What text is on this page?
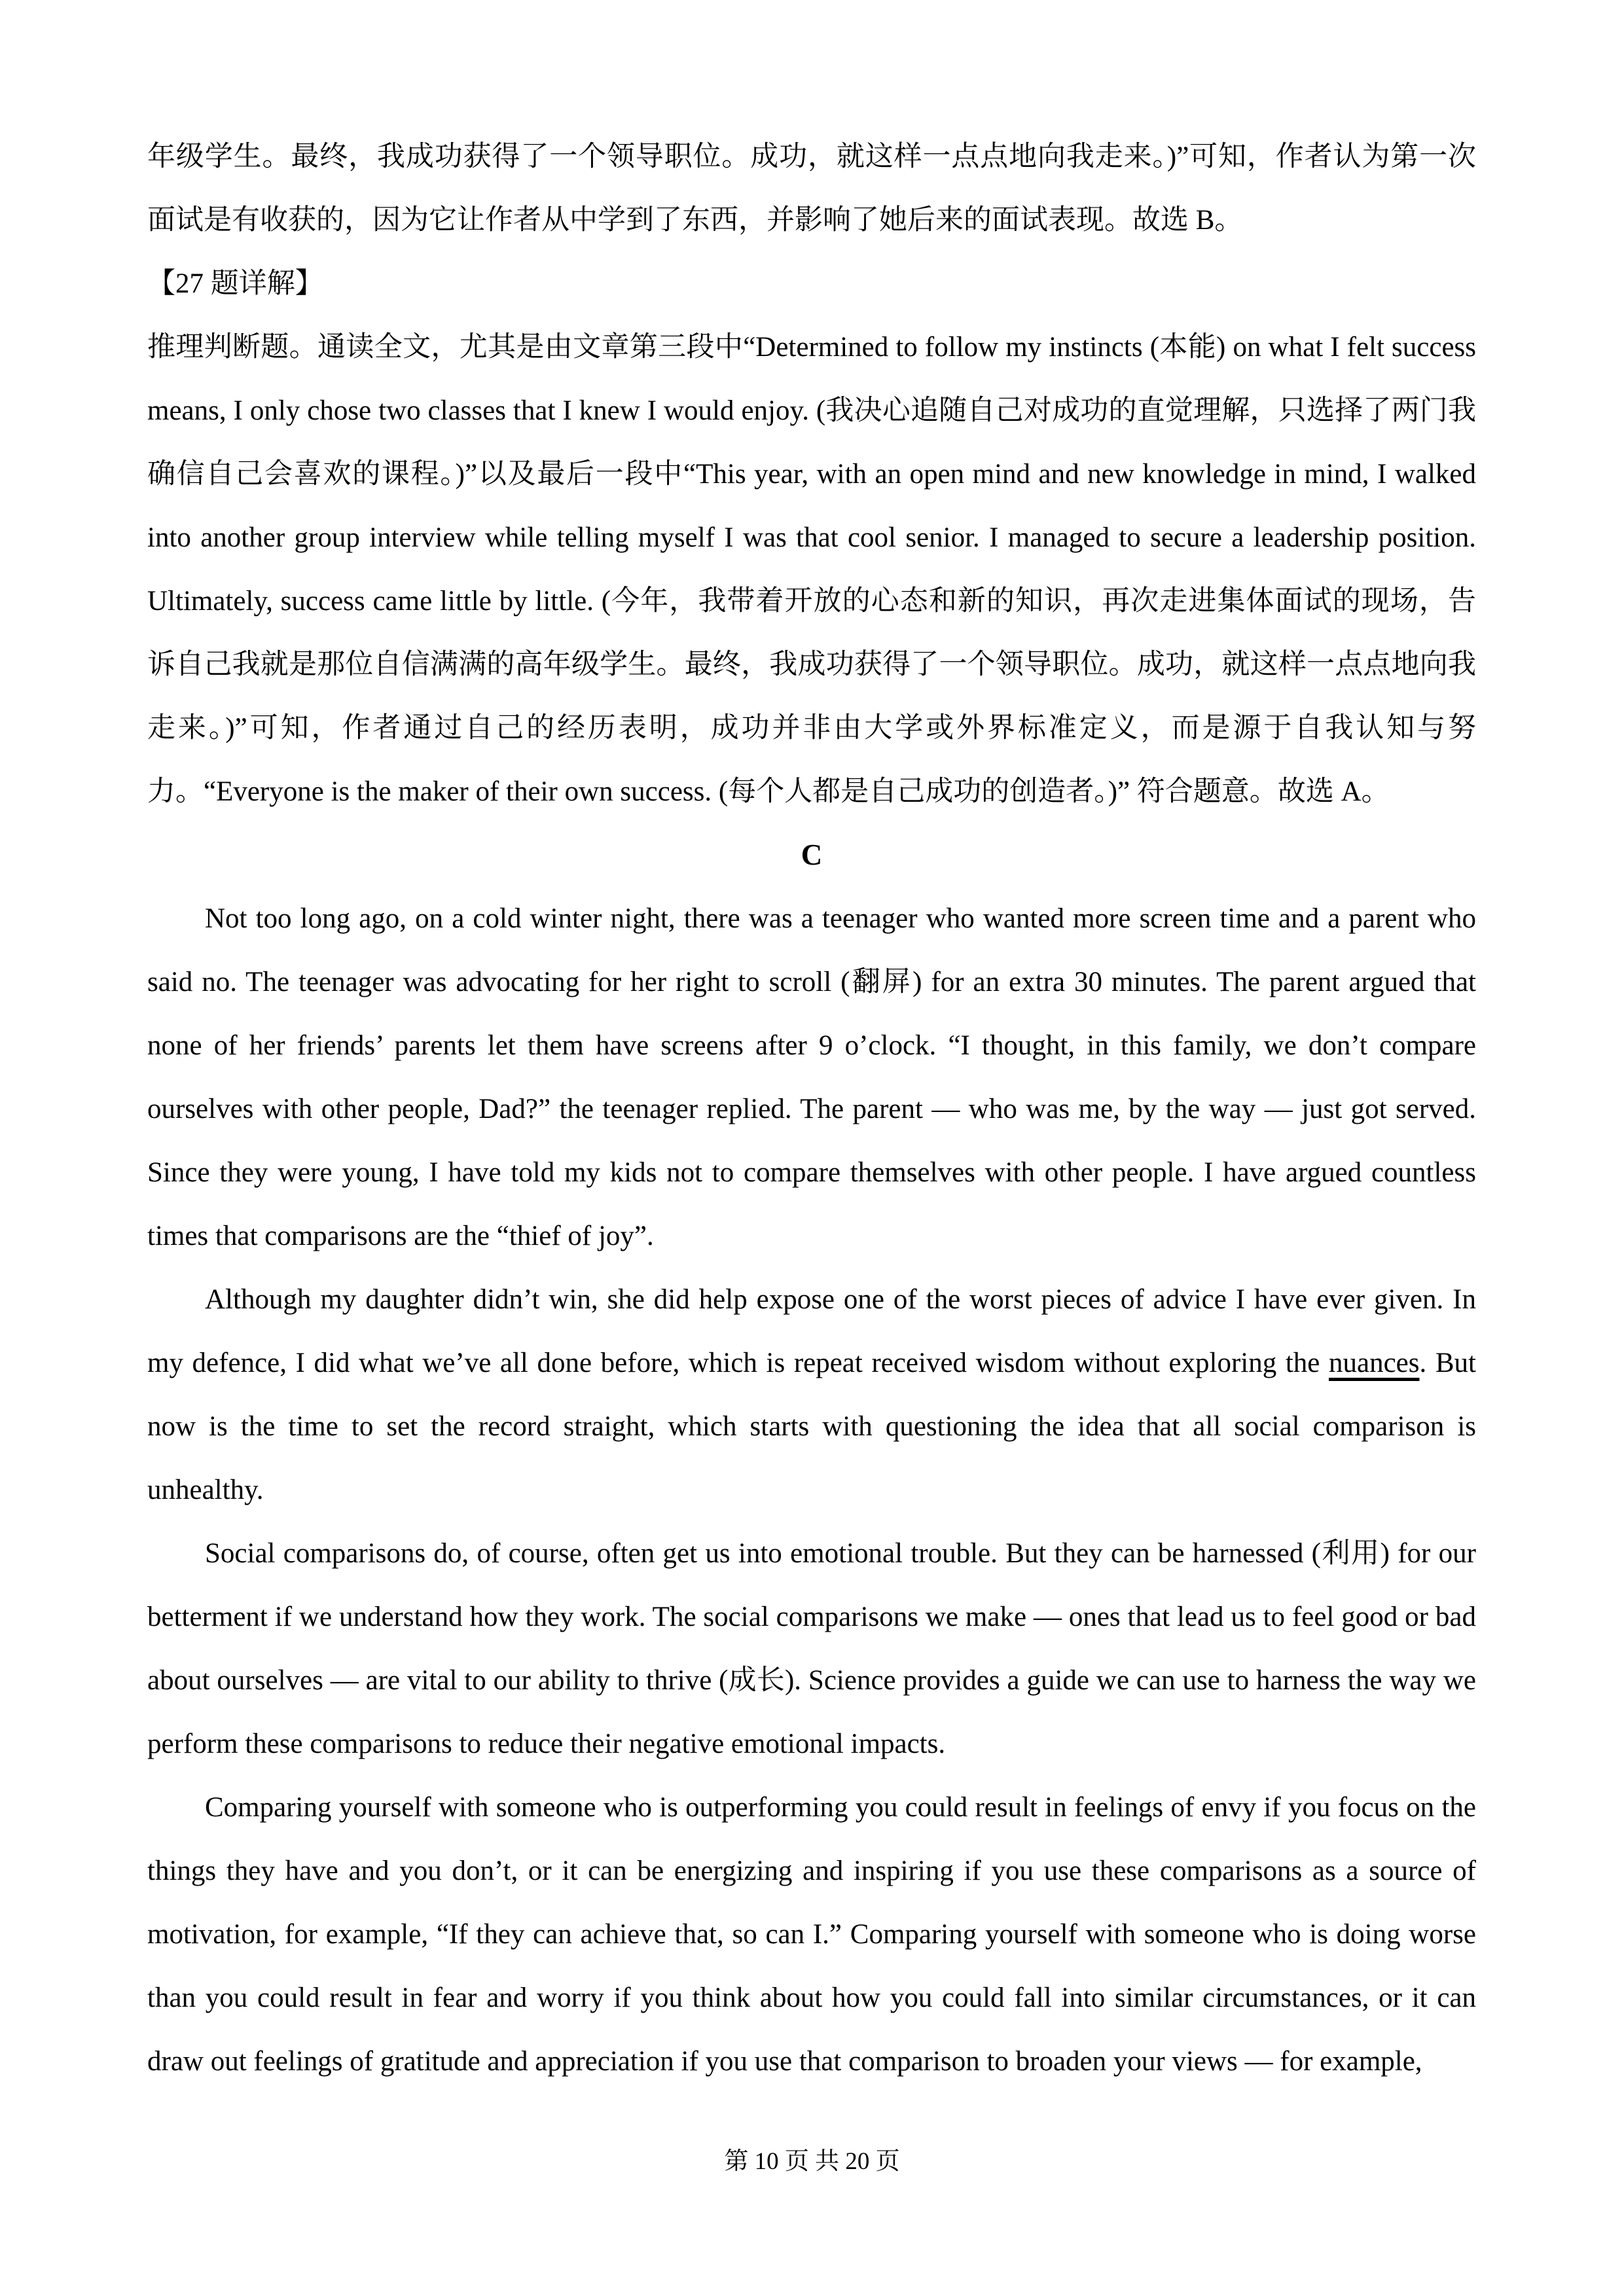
年级学生。最终，我成功获得了一个领导职位。成功，就这样一点点地向我走来。)”可知，作者认为第一次面试是有收获的，因为它让作者从中学到了东西，并影响了她后来的面试表现。故选 B。

【27 题详解】

推理判断题。通读全文，尤其是由文章第三段中“Determined to follow my instincts (本能) on what I felt success means, I only chose two classes that I knew I would enjoy. (我决心追随自己对成功的直觉理解，只选择了两门我确信自己会喜欢的课程。)”以及最后一段中“This year, with an open mind and new knowledge in mind, I walked into another group interview while telling myself I was that cool senior. I managed to secure a leadership position. Ultimately, success came little by little. (今年，我带着开放的心态和新的知识，再次走进集体面试的现场，告诉自己我就是那位自信满满的高年级学生。最终，我成功获得了一个领导职位。成功，就这样一点点地向我走来。)”可知，作者通过自己的经历表明，成功并非由大学或外界标准定义，而是源于自我认知与努力。“Everyone is the maker of their own success. (每个人都是自己成功的创造者。)” 符合题意。故选 A。

C

Not too long ago, on a cold winter night, there was a teenager who wanted more screen time and a parent who said no. The teenager was advocating for her right to scroll (翻屏) for an extra 30 minutes. The parent argued that none of her friends’ parents let them have screens after 9 o’clock. “I thought, in this family, we don’t compare ourselves with other people, Dad?” the teenager replied. The parent — who was me, by the way — just got served. Since they were young, I have told my kids not to compare themselves with other people. I have argued countless times that comparisons are the “thief of joy”.

Although my daughter didn’t win, she did help expose one of the worst pieces of advice I have ever given. In my defence, I did what we’ve all done before, which is repeat received wisdom without exploring the nuances. But now is the time to set the record straight, which starts with questioning the idea that all social comparison is unhealthy.

Social comparisons do, of course, often get us into emotional trouble. But they can be harnessed (利用) for our betterment if we understand how they work. The social comparisons we make — ones that lead us to feel good or bad about ourselves — are vital to our ability to thrive (成长). Science provides a guide we can use to harness the way we perform these comparisons to reduce their negative emotional impacts.

Comparing yourself with someone who is outperforming you could result in feelings of envy if you focus on the things they have and you don’t, or it can be energizing and inspiring if you use these comparisons as a source of motivation, for example, “If they can achieve that, so can I.” Comparing yourself with someone who is doing worse than you could result in fear and worry if you think about how you could fall into similar circumstances, or it can draw out feelings of gratitude and appreciation if you use that comparison to broaden your views — for example,

第 10 页 共 20 页
